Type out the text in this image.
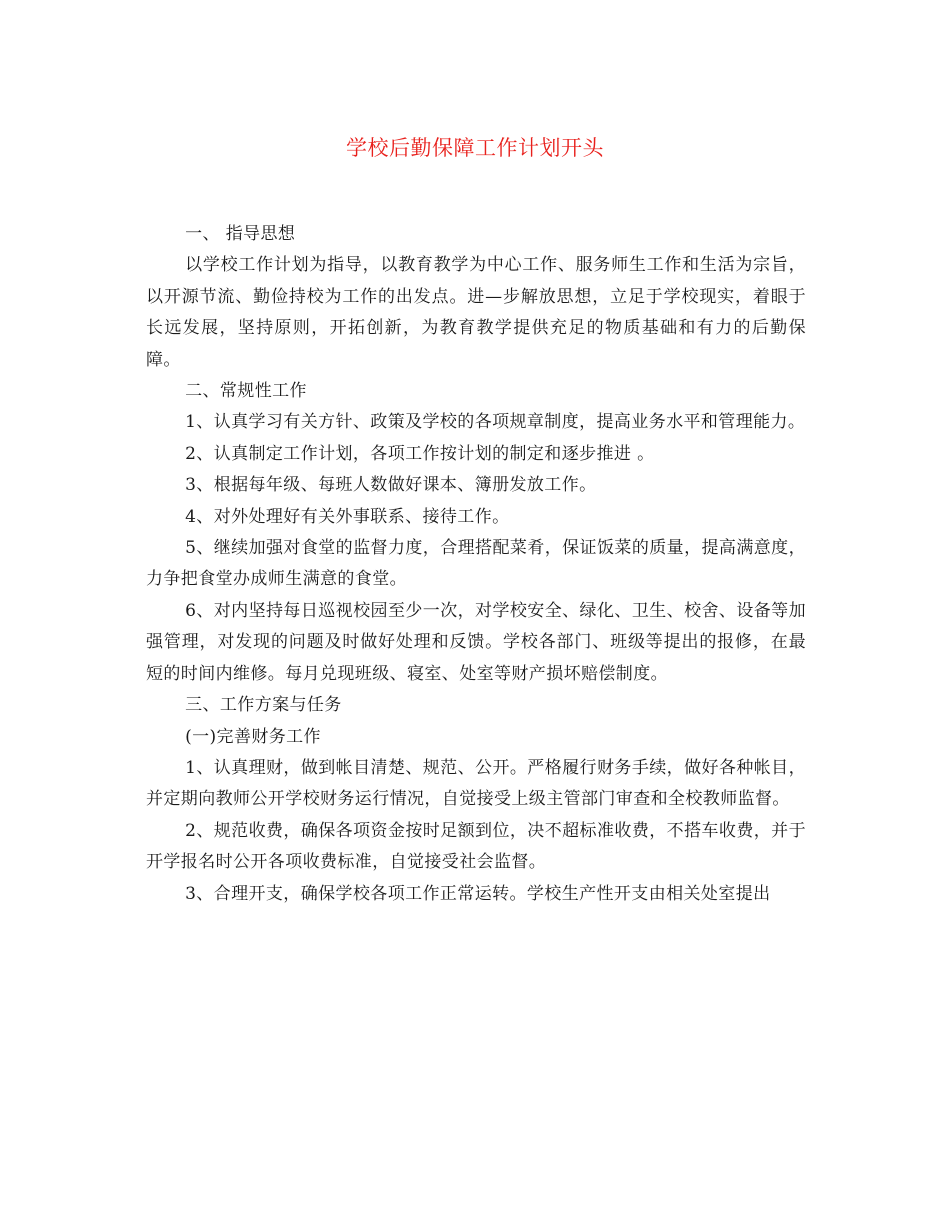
学校后勤保障工作计划开头

一、 指导思想

以学校工作计划为指导，以教育教学为中心工作、服务师生工作和生活为宗旨，以开源节流、勤俭持校为工作的出发点。进—步解放思想，立足于学校现实，着眼于长远发展，坚持原则，开拓创新，为教育教学提供充足的物质基础和有力的后勤保障。

二、常规性工作

1、认真学习有关方针、政策及学校的各项规章制度，提高业务水平和管理能力。

2、认真制定工作计划，各项工作按计划的制定和逐步推进 。

3、根据每年级、每班人数做好课本、簿册发放工作。

4、对外处理好有关外事联系、接待工作。

5、继续加强对食堂的监督力度，合理搭配菜肴，保证饭菜的质量，提高满意度，力争把食堂办成师生满意的食堂。

6、对内坚持每日巡视校园至少一次，对学校安全、绿化、卫生、校舍、设备等加强管理，对发现的问题及时做好处理和反馈。学校各部门、班级等提出的报修，在最短的时间内维修。每月兑现班级、寝室、处室等财产损坏赔偿制度。

三、工作方案与任务

(一)完善财务工作

1、认真理财，做到帐目清楚、规范、公开。严格履行财务手续，做好各种帐目，并定期向教师公开学校财务运行情况，自觉接受上级主管部门审查和全校教师监督。

2、规范收费，确保各项资金按时足额到位，决不超标准收费，不搭车收费，并于开学报名时公开各项收费标准，自觉接受社会监督。

3、合理开支，确保学校各项工作正常运转。学校生产性开支由相关处室提出
